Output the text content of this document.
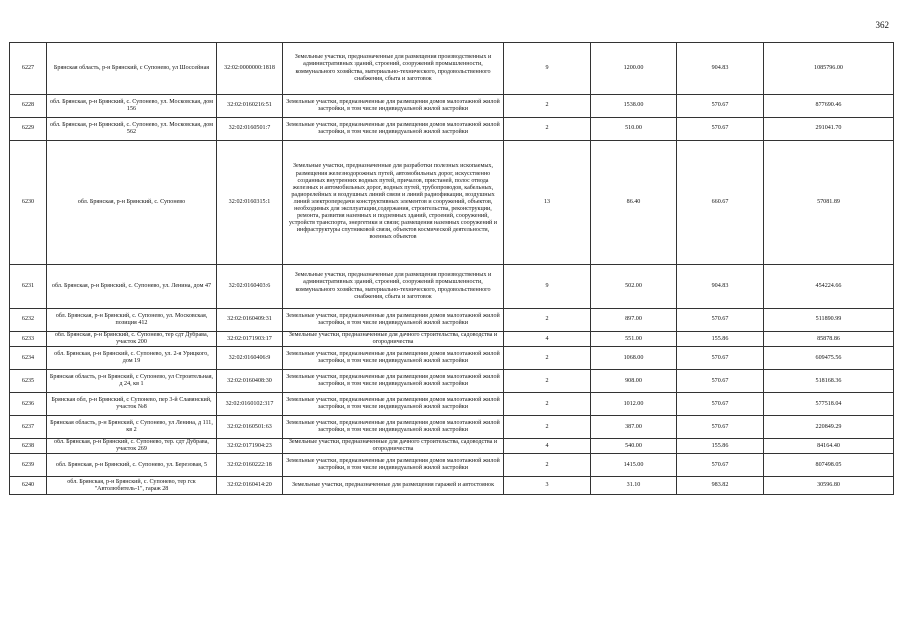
362
6227	Брянская область, р-н Брянский, с Супонево, ул Шоссейная	32:02:0000000:1818	Земельные участки, предназначенные для размещения производственных и административных зданий, строений, сооружений промышленности, коммунального хозяйства, материально-технического, продовольственного снабжения, сбыта и заготовок	9	1200.00	904.83	1085796.00
6228	обл. Брянская, р-н Брянский, с. Супонево, ул. Московская, дом 156	32:02:0160216:51	Земельные участки, предназначенные для размещения домов малоэтажной жилой застройки, в том числе индивидуальной жилой застройки	2	1538.00	570.67	877690.46
6229	обл. Брянская, р-н Брянский, с. Супонево, ул. Московская, дом 562	32:02:0160501:7	Земельные участки, предназначенные для размещения домов малоэтажной жилой застройки, в том числе индивидуальной жилой застройки	2	510.00	570.67	291041.70
6230	обл. Брянская, р-н Брянский, с. Супонево	32:02:0160315:1	Земельные участки, предназначенные для разработки полезных ископаемых, размещения железнодорожных путей, автомобильных дорог, искусственно созданных внутренних водных путей, причалов, пристаней, полос отвода железных и автомобильных дорог, водных путей, трубопроводов, кабельных, радиорелейных и воздушных линий связи и линий радиофикации, воздушных линий электропередачи конструктивных элементов и сооружений, объектов, необходимых для эксплуатации,содержания, строительства, реконструкции, ремонта, развития наземных и подземных зданий, строений, сооружений, устройств транспорта, энергетики и связи; размещения наземных сооружений и инфраструктуры спутниковой связи, объектов космической деятельности, военных объектов	13	86.40	660.67	57081.89
6231	обл. Брянская, р-н Брянский, с. Супонево, ул. Ленина, дом 47	32:02:0160403:6	Земельные участки, предназначенные для размещения производственных и административных зданий, строений, сооружений промышленности, коммунального хозяйства, материально-технического, продовольственного снабжения, сбыта и заготовок	9	502.00	904.83	454224.66
6232	обл. Брянская, р-н Брянский, с. Супонево, ул. Московская, позиция 412	32:02:0160409:31	Земельные участки, предназначенные для размещения домов малоэтажной жилой застройки, в том числе индивидуальной жилой застройки	2	897.00	570.67	511890.99
6233	обл. Брянская, р-н Брянский, с. Супонево, тер сдт Дубрава, участок 200	32:02:0171903:17	Земельные участки, предназначенные для дачного строительства, садоводства и огородничества	4	551.00	155.86	85878.86
6234	обл. Брянская, р-н Брянский, с. Супонево, ул. 2-я Урицкого, дом 19	32:02:0160406:9	Земельные участки, предназначенные для размещения домов малоэтажной жилой застройки, в том числе индивидуальной жилой застройки	2	1068.00	570.67	609475.56
6235	Брянская область, р-н Брянский, с Супонево, ул Строительная, д 24, кв 1	32:02:0160408:30	Земельные участки, предназначенные для размещения домов малоэтажной жилой застройки, в том числе индивидуальной жилой застройки	2	908.00	570.67	518168.36
6236	Брянская обл, р-н Брянский, с Супонево, пер 3-й Славянский, участок №8	32:02:0160102:317	Земельные участки, предназначенные для размещения домов малоэтажной жилой застройки, в том числе индивидуальной жилой застройки	2	1012.00	570.67	577518.04
6237	Брянская область, р-н Брянский, с Супонево, ул Ленина, д 111, кв 2	32:02:0160501:63	Земельные участки, предназначенные для размещения домов малоэтажной жилой застройки, в том числе индивидуальной жилой застройки	2	387.00	570.67	220849.29
6238	обл. Брянская, р-н Брянский, с. Супонево, тер. сдт Дубрава, участок 269	32:02:0171904:23	Земельные участки, предназначенные для дачного строительства, садоводства и огородничества	4	540.00	155.86	84164.40
6239	обл. Брянская, р-н Брянский, с. Супонево, ул. Березовая, 5	32:02:0160222:18	Земельные участки, предназначенные для размещения домов малоэтажной жилой застройки, в том числе индивидуальной жилой застройки	2	1415.00	570.67	807498.05
6240	обл. Брянская, р-н Брянский, с. Супонево, тер гск "Автолюбитель-1", гараж 28	32:02:0160414:20	Земельные участки, предназначенные для размещения гаражей и автостоянок	3	31.10	983.82	30596.80
